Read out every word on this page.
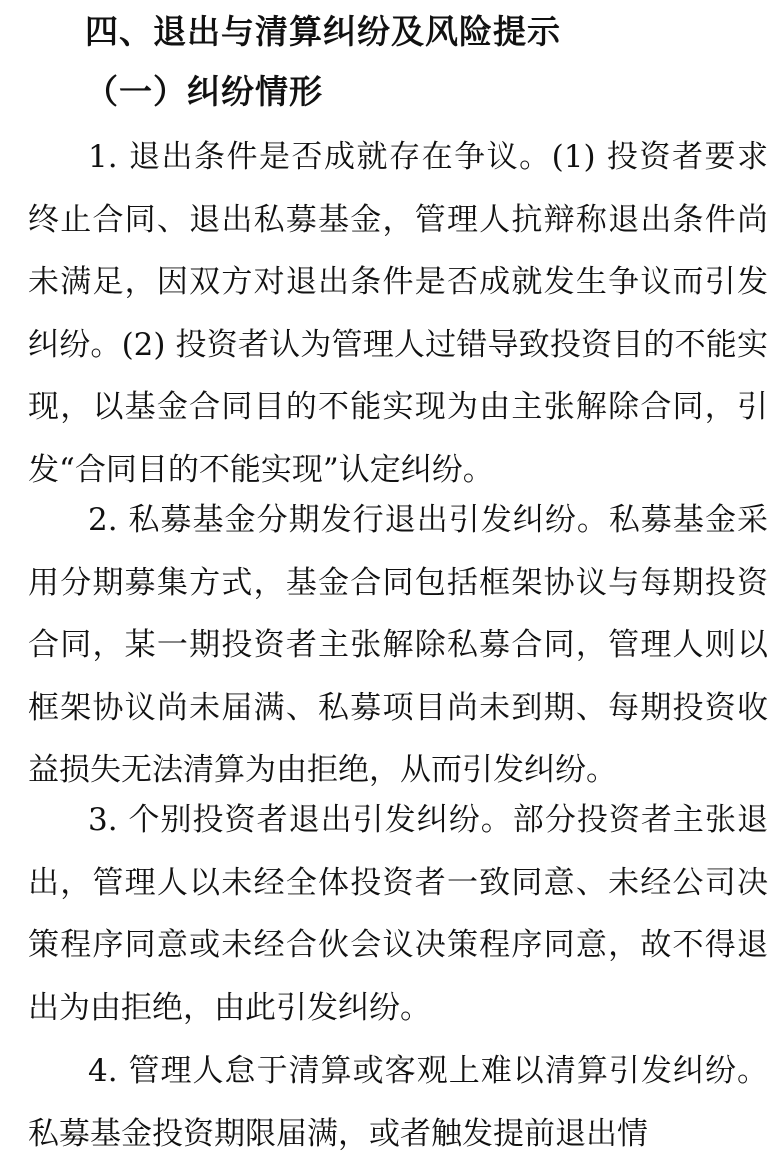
四、退出与清算纠纷及风险提示
（一）纠纷情形

1. 退出条件是否成就存在争议。(1) 投资者要求终止合同、退出私募基金，管理人抗辩称退出条件尚未满足，因双方对退出条件是否成就发生争议而引发纠纷。(2) 投资者认为管理人过错导致投资目的不能实现，以基金合同目的不能实现为由主张解除合同，引发“合同目的不能实现”认定纠纷。

2. 私募基金分期发行退出引发纠纷。私募基金采用分期募集方式，基金合同包括框架协议与每期投资合同，某一期投资者主张解除私募合同，管理人则以框架协议尚未届满、私募项目尚未到期、每期投资收益损失无法清算为由拒绝，从而引发纠纷。

3. 个别投资者退出引发纠纷。部分投资者主张退出，管理人以未经全体投资者一致同意、未经公司决策程序同意或未经合伙会议决策程序同意，故不得退出为由拒绝，由此引发纠纷。

4. 管理人怠于清算或客观上难以清算引发纠纷。私募基金投资期限届满，或者触发提前退出情
